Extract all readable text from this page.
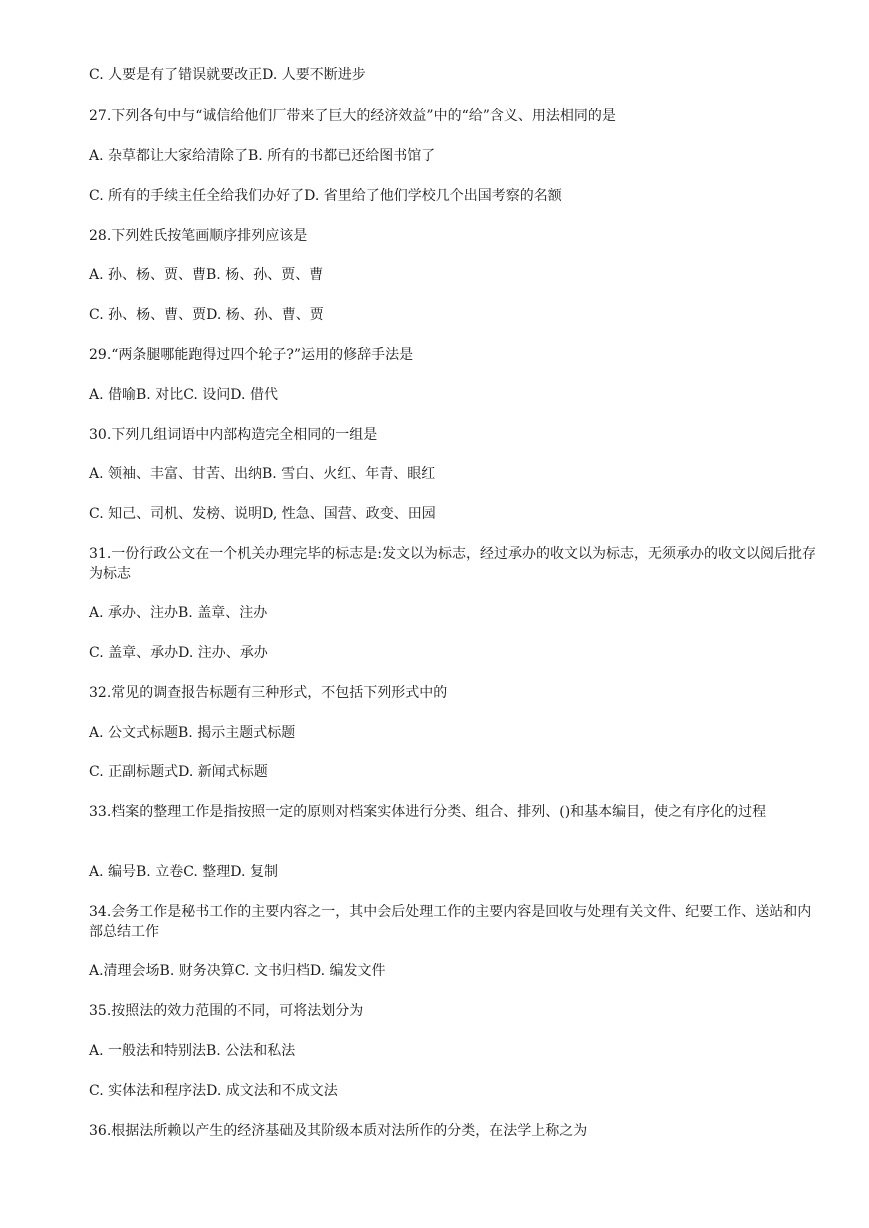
C. 人要是有了错误就要改正D. 人要不断进步
27.下列各句中与“诚信给他们厂带来了巨大的经济效益”中的“给”含义、用法相同的是
A. 杂草都让大家给清除了B. 所有的书都已还给图书馆了
C. 所有的手续主任全给我们办好了D. 省里给了他们学校几个出国考察的名额
28.下列姓氏按笔画顺序排列应该是
A. 孙、杨、贾、曹B. 杨、孙、贾、曹
C. 孙、杨、曹、贾D. 杨、孙、曹、贾
29.“两条腿哪能跑得过四个轮子?”运用的修辞手法是
A. 借喻B. 对比C. 设问D. 借代
30.下列几组词语中内部构造完全相同的一组是
A. 领袖、丰富、甘苦、出纳B. 雪白、火红、年青、眼红
C. 知己、司机、发榜、说明D, 性急、国营、政变、田园
31.一份行政公文在一个机关办理完毕的标志是:发文以为标志，经过承办的收文以为标志，无须承办的收文以阅后批存为标志
A. 承办、注办B. 盖章、注办
C. 盖章、承办D. 注办、承办
32.常见的调查报告标题有三种形式，不包括下列形式中的
A. 公文式标题B. 揭示主题式标题
C. 正副标题式D. 新闻式标题
33.档案的整理工作是指按照一定的原则对档案实体进行分类、组合、排列、()和基本编目，使之有序化的过程
A. 编号B. 立卷C. 整理D. 复制
34.会务工作是秘书工作的主要内容之一，其中会后处理工作的主要内容是回收与处理有关文件、纪要工作、送站和内部总结工作
A.清理会场B. 财务决算C. 文书归档D. 编发文件
35.按照法的效力范围的不同，可将法划分为
A. 一般法和特别法B. 公法和私法
C. 实体法和程序法D. 成文法和不成文法
36.根据法所赖以产生的经济基础及其阶级本质对法所作的分类，在法学上称之为
